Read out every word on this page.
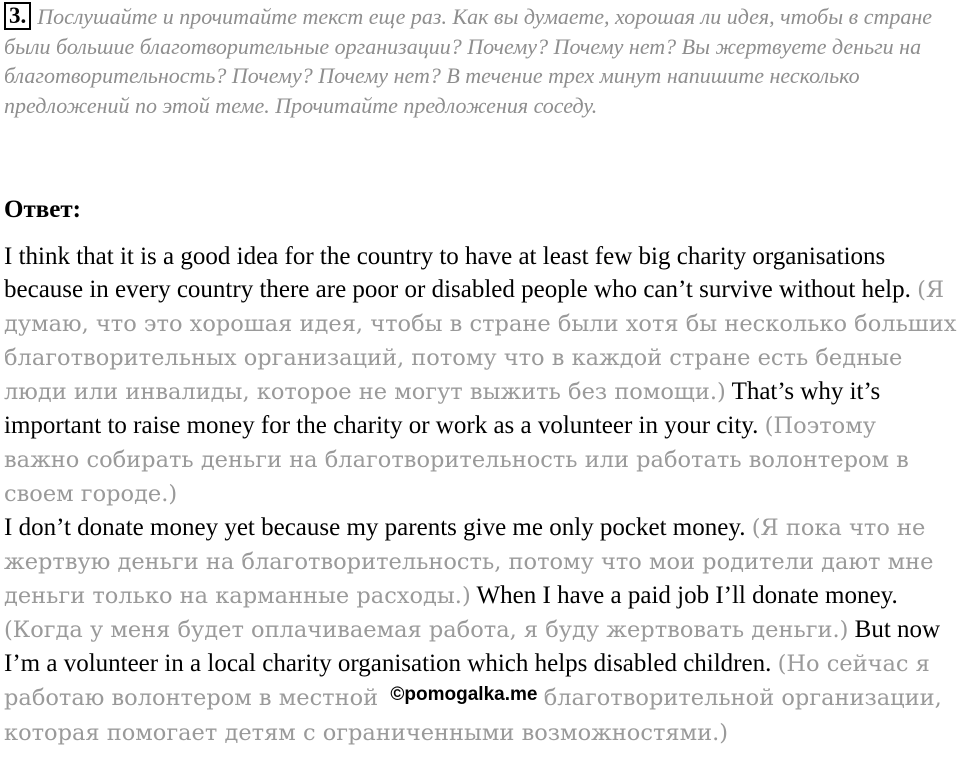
3. Послушайте и прочитайте текст еще раз. Как вы думаете, хорошая ли идея, чтобы в стране были большие благотворительные организации? Почему? Почему нет? Вы жертвуете деньги на благотворительность? Почему? Почему нет? В течение трех минут напишите несколько предложений по этой теме. Прочитайте предложения соседу.

Ответ:

I think that it is a good idea for the country to have at least few big charity organisations because in every country there are poor or disabled people who can’t survive without help. (Я думаю, что это хорошая идея, чтобы в стране были хотя бы несколько больших благотворительных организаций, потому что в каждой стране есть бедные люди или инвалиды, которое не могут выжить без помощи.) That’s why it’s important to raise money for the charity or work as a volunteer in your city. (Поэтому важно собирать деньги на благотворительность или работать волонтером в своем городе.)

I don’t donate money yet because my parents give me only pocket money. (Я пока что не жертвую деньги на благотворительность, потому что мои родители дают мне деньги только на карманные расходы.) When I have a paid job I’ll donate money. (Когда у меня будет оплачиваемая работа, я буду жертвовать деньги.) But now I’m a volunteer in a local charity organisation which helps disabled children. (Но сейчас я работаю волонтером в местной $^{©pomogalka.me}$ благотворительной организации, которая помогает детям с ограниченными возможностями.)
